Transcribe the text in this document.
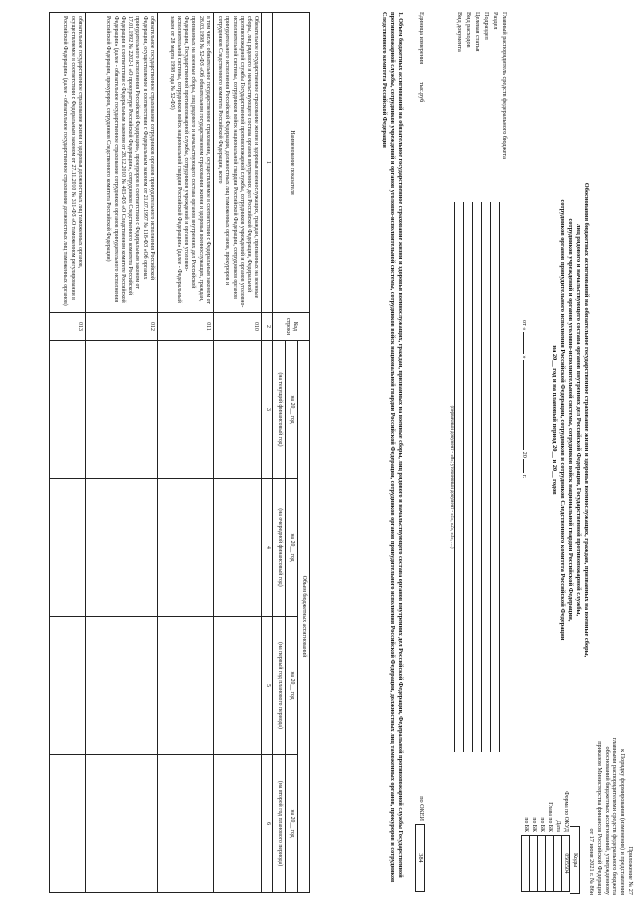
Приложение № 27
к Порядку формирования (изменения) и представления
главными распорядителями средств федерального бюджета
обоснований бюджетных ассигнований, утвержденному
приказом Министерства финансов Российской Федерации
от 17 июня 2021 г. № 86н
Обоснования бюджетных ассигнований на обязательное государственное страхование жизни и здоровья военнослужащих, граждан, призванных на военные сборы,
лиц рядового и начальствующего состава органов внутренних дел Российской Федерации, Государственной противопожарной службы,
сотрудников учреждений и органов уголовно-исполнительной системы, сотрудников войск национальной гвардии Российской Федерации,
сотрудников органов принудительного исполнения Российской Федерации, сотрудников и сотрудников Следственного комитета Российской Федерации
на 20__ год и на плановый период 20__ и 20__ годов
от «  »  20  г.
Коды
Форма по ОКУД	0505504
Дата	
Глава по БК	
по БК	
по БК	
по БК	
Главный распорядитель средств федерального бюджета
Раздел
Подраздел
Целевая статья
Вид расходов
Вид документа
(первичный документ - «0»; уточненный документ - «1», «2», «3», …)
Единица измерения
тыс.руб
по ОКЕИ
384
1. Объем бюджетных ассигнований на обязательное государственное страхование жизни и здоровья военнослужащих, граждан, призванных на военные сборы, лиц рядового и начальствующего состава органов внутренних дел Российской Федерации, Федеральной противопожарной службы Государственной противопожарной службы, сотрудников учреждений и органов уголовно-исполнительной системы, сотрудников войск национальной гвардии Российской Федерации, сотрудников органов принудительного исполнения Российской Федерации, должностных лиц таможенных органов, прокуроров и сотрудников Следственного комитета Российской Федерации
Наименование показателя	Код строки	Объем бюджетных ассигнований			
		на 20__ год	на 20__ год	на 20__ год	на 20__ год
		(на текущий финансовый год)	(на очередной финансовый год)	(на первый год планового периода)	(на второй год планового периода)
1	2	3	4	5	6
Обязательное государственное страхование жизни и здоровья военнослужащих, граждан, призванных на военные сборы, лиц рядового и начальствующего состава органов внутренних дел Российской Федерации, Федеральной противопожарной службы Государственной противопожарной службы, сотрудников учреждений и органов уголовно-исполнительной системы, сотрудников войск национальной гвардии Российской Федерации, сотрудников органов принудительного исполнения Российской Федерации, должностных лиц таможенных органов, прокуроров и сотрудников Следственного комитета Российской Федерации, всего	010				
в том числе: обязательное государственное страхование, осуществляемое в соответствии с Федеральным законом от 28.03.1998 № 52-ФЗ «Об обязательном государственном страховании жизни и здоровья военнослужащих, граждан, призванных на военные сборы, лиц рядового и начальствующего состава органов внутренних дел Российской Федерации, Государственной противопожарной службы, сотрудников учреждений и органов уголовно-исполнительной системы, сотрудников войск национальной гвардии Российской Федерации» (далее - Федеральный закон от 28 марта 1998 года № 52-ФЗ)	011				
обязательное государственное страхование сотрудников органов принудительного исполнения Российской Федерации, осуществляемое в соответствии с Федеральным законом от 21.07.1997 № 118-ФЗ «Об органах принудительного исполнения Российской Федерации», прокуроров в соответствии с Федеральным законом от 17.01.1992 № 2202-1 «О прокуратуре Российской Федерации», сотрудников Следственного комитета Российской Федерации в соответствии с Федеральным законом от 28.12.2010 № 403-ФЗ «О Следственном комитете Российской Федерации» (далее - обязательное государственное страхование сотрудников органов принудительного исполнения Российской Федерации, прокуроров, сотрудников Следственного комитета Российской Федерации)	012				
обязательное государственное страхование жизни и здоровья должностных лиц таможенных органов, осуществляемое в соответствии с Федеральным законом от 27.11.2010 № 311-ФЗ «О таможенном регулировании в Российской Федерации» (далее - обязательное государственное страхование должностных лиц таможенных органов)	013				
